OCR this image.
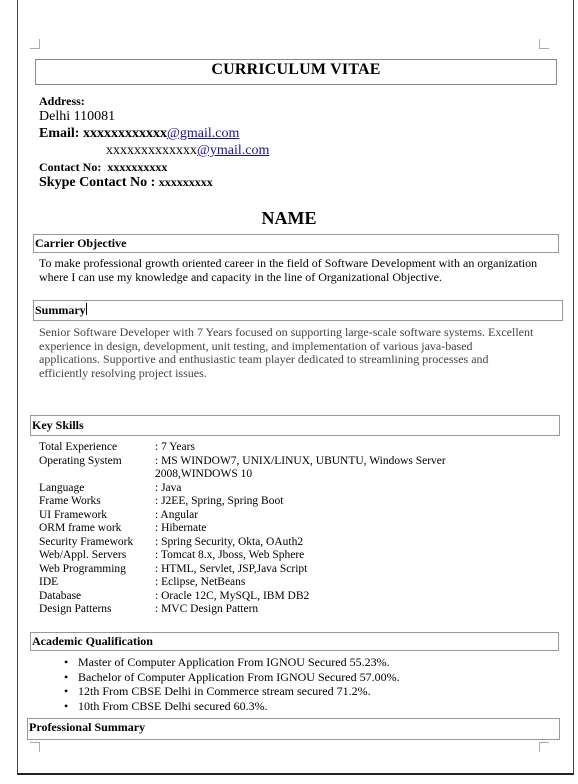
CURRICULUM VITAE
Address:
Delhi 110081
Email: xxxxxxxxxxxx@gmail.com
xxxxxxxxxxxxx@ymail.com
Contact No: xxxxxxxxxx
Skype Contact No : xxxxxxxxx
NAME
Carrier Objective
To make professional growth oriented career in the field of Software Development with an organization where I can use my knowledge and capacity in the line of Organizational Objective.
Summary
Senior Software Developer with 7 Years focused on supporting large-scale software systems. Excellent experience in design, development, unit testing, and implementation of various java-based applications. Supportive and enthusiastic team player dedicated to streamlining processes and efficiently resolving project issues.
Key Skills
Total Experience	: 7 Years
Operating System	: MS WINDOW7, UNIX/LINUX, UBUNTU, Windows Server
2008,WINDOWS 10
Language	: Java
Frame Works	: J2EE, Spring, Spring Boot
UI Framework	: Angular
ORM frame work	: Hibernate
Security Framework : Spring Security, Okta, OAuth2
Web/Appl. Servers	: Tomcat 8.x, Jboss, Web Sphere
Web Programming	: HTML, Servlet, JSP,Java Script
IDE	: Eclipse, NetBeans
Database	: Oracle 12C, MySQL, IBM DB2
Design Patterns	: MVC Design Pattern
Academic Qualification
• Master of Computer Application From IGNOU Secured 55.23%.
• Bachelor of Computer Application From IGNOU Secured 57.00%.
• 12th From CBSE Delhi in Commerce stream secured 71.2%.
• 10th From CBSE Delhi secured 60.3%.
Professional Summary
